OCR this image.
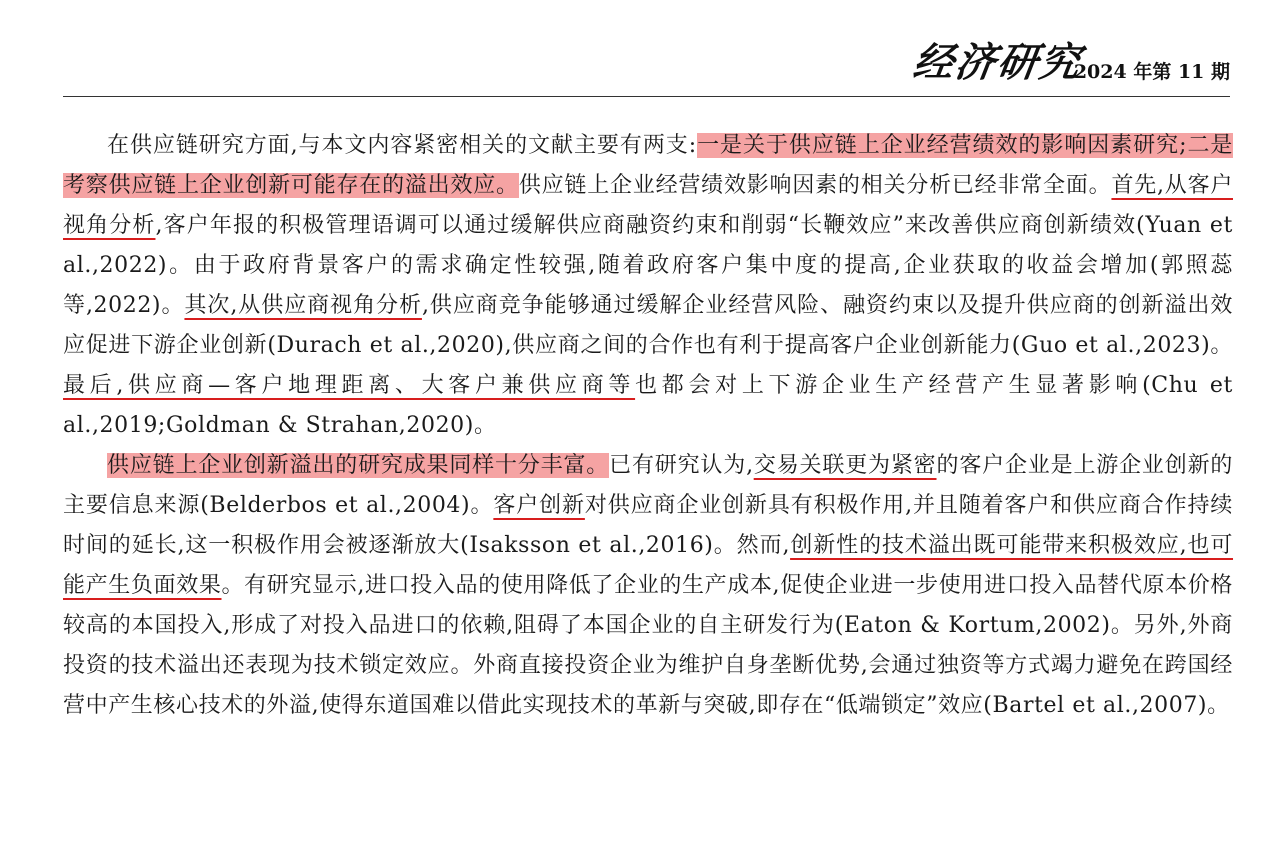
经济研究
2024 年第 11 期

在供应链研究方面,与本文内容紧密相关的文献主要有两支:一是关于供应链上企业经营绩效的影响因素研究;二是考察供应链上企业创新可能存在的溢出效应。供应链上企业经营绩效影响因素的相关分析已经非常全面。首先,从客户视角分析,客户年报的积极管理语调可以通过缓解供应商融资约束和削弱“长鞭效应”来改善供应商创新绩效(Yuan et al.,2022)。由于政府背景客户的需求确定性较强,随着政府客户集中度的提高,企业获取的收益会增加(郭照蕊等,2022)。其次,从供应商视角分析,供应商竞争能够通过缓解企业经营风险、融资约束以及提升供应商的创新溢出效应促进下游企业创新(Durach et al.,2020),供应商之间的合作也有利于提高客户企业创新能力(Guo et al.,2023)。最后,供应商—客户地理距离、大客户兼供应商等也都会对上下游企业生产经营产生显著影响(Chu et al.,2019;Goldman & Strahan,2020)。

供应链上企业创新溢出的研究成果同样十分丰富。已有研究认为,交易关联更为紧密的客户企业是上游企业创新的主要信息来源(Belderbos et al.,2004)。客户创新对供应商企业创新具有积极作用,并且随着客户和供应商合作持续时间的延长,这一积极作用会被逐渐放大(Isaksson et al.,2016)。然而,创新性的技术溢出既可能带来积极效应,也可能产生负面效果。有研究显示,进口投入品的使用降低了企业的生产成本,促使企业进一步使用进口投入品替代原本价格较高的本国投入,形成了对投入品进口的依赖,阻碍了本国企业的自主研发行为(Eaton & Kortum,2002)。另外,外商投资的技术溢出还表现为技术锁定效应。外商直接投资企业为维护自身垄断优势,会通过独资等方式竭力避免在跨国经营中产生核心技术的外溢,使得东道国难以借此实现技术的革新与突破,即存在“低端锁定”效应(Bartel et al.,2007)。
